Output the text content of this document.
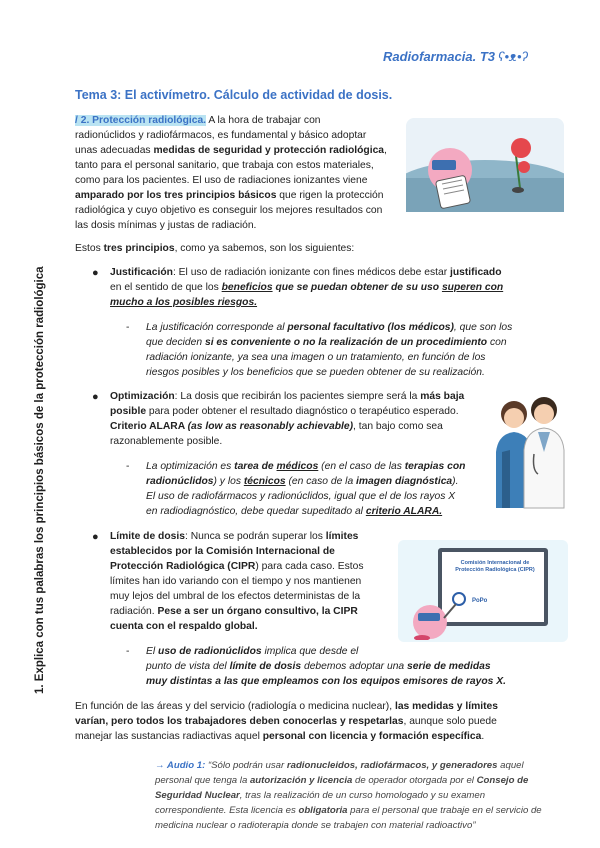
Radiofarmacia. T3 ʕ•ᴥ•ʔ
Tema 3: El activímetro. Cálculo de actividad de dosis.
1. Explica con tus palabras los principios básicos de la protección radiológica
/ 2. Protección radiológica. A la hora de trabajar con
radionúclidos y radiofármacos, es fundamental y básico adoptar
unas adecuadas medidas de seguridad y protección radiológica,
tanto para el personal sanitario, que trabaja con estos materiales,
como para los pacientes. El uso de radiaciones ionizantes viene
amparado por los tres principios básicos que rigen la protección
radiológica y cuyo objetivo es conseguir los mejores resultados con
las dosis mínimas y justas de radiación.
Estos tres principios, como ya sabemos, son los siguientes:
● Justificación: El uso de radiación ionizante con fines médicos debe estar justificado
en el sentido de que los beneficios que se puedan obtener de su uso superen con
mucho a los posibles riesgos.
- La justificación corresponde al personal facultativo (los médicos), que son los
que deciden si es conveniente o no la realización de un procedimiento con
radiación ionizante, ya sea una imagen o un tratamiento, en función de los
riesgos posibles y los beneficios que se pueden obtener de su realización.
● Optimización: La dosis que recibirán los pacientes siempre será la más baja
posible para poder obtener el resultado diagnóstico o terapéutico esperado.
Criterio ALARA (as low as reasonably achievable), tan bajo como sea
razonablemente posible.
- La optimización es tarea de médicos (en el caso de las terapias con
radionúclidos) y los técnicos (en caso de la imagen diagnóstica).
El uso de radiofármacos y radionúclidos, igual que el de los rayos X
en radiodiagnóstico, debe quedar supeditado al criterio ALARA.
● Límite de dosis: Nunca se podrán superar los límites
establecidos por la Comisión Internacional de
Protección Radiológica (CIPR) para cada caso. Estos
límites han ido variando con el tiempo y nos mantienen
muy lejos del umbral de los efectos deterministas de la
radiación. Pese a ser un órgano consultivo, la CIPR
cuenta con el respaldo global.
- El uso de radionúclidos implica que desde el
punto de vista del límite de dosis debemos adoptar una serie de medidas
muy distintas a las que empleamos con los equipos emisores de rayos X.
Comisión Internacional de Protección Radiológica (CIPR)
PoPo
En función de las áreas y del servicio (radiología o medicina nuclear), las medidas y límites
varían, pero todos los trabajadores deben conocerlas y respetarlas, aunque solo puede
manejar las sustancias radiactivas aquel personal con licencia y formación específica.
→ Audio 1: “Sólo podrán usar radionucleidos, radiofármacos, y generadores aquel
personal que tenga la autorización y licencia de operador otorgada por el Consejo de
Seguridad Nuclear, tras la realización de un curso homologado y su examen
correspondiente. Esta licencia es obligatoria para el personal que trabaje en el servicio de
medicina nuclear o radioterapia donde se trabajen con material radioactivo”
